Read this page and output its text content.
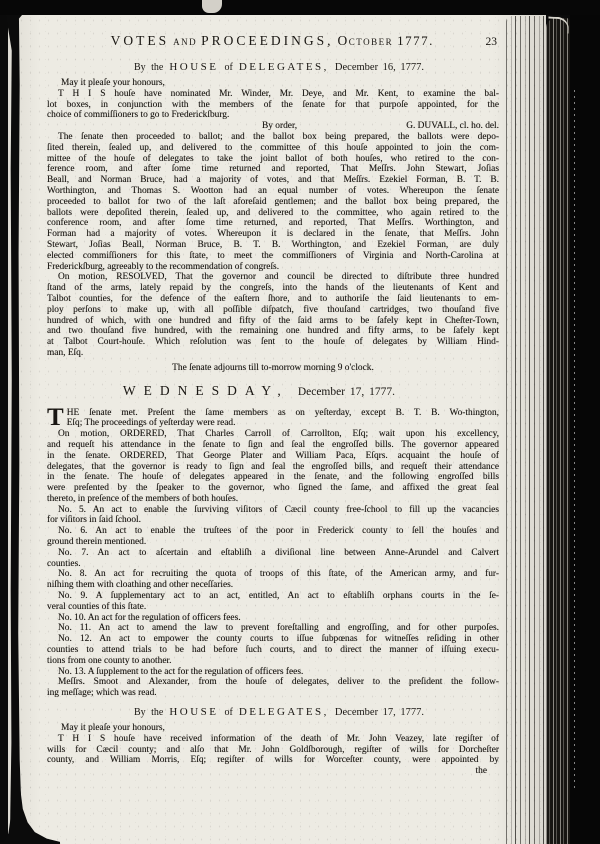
VOTES and PROCEEDINGS, October 1777.	23
By the HOUSE of DELEGATES, December 16, 1777.
May it pleaſe your honours,
T H I S houſe have nominated Mr. Winder, Mr. Deye, and Mr. Kent, to examine the bal-
lot boxes, in conjunction with the members of the ſenate for that purpoſe appointed, for the
choice of commiſſioners to go to Frederickſburg.
By order,	G. DUVALL, cl. ho. del.
The ſenate then proceeded to ballot; and the ballot box being prepared, the ballots were depo-
ſited therein, ſealed up, and delivered to the committee of this houſe appointed to join the com-
mittee of the houſe of delegates to take the joint ballot of both houſes, who retired to the con-
ference room, and after ſome time returned and reported, That Meſſrs. John Stewart, Joſias
Beall, and Norman Bruce, had a majority of votes, and that Meſſrs. Ezekiel Forman, B. T. B.
Worthington, and Thomas S. Wootton had an equal number of votes. Whereupon the ſenate
proceeded to ballot for two of the laſt aforeſaid gentlemen; and the ballot box being prepared, the
ballots were depoſited therein, ſealed up, and delivered to the committee, who again retired to the
conference room, and after ſome time returned, and reported, That Meſſrs. Worthington, and
Forman had a majority of votes. Whereupon it is declared in the ſenate, that Meſſrs. John
Stewart, Joſias Beall, Norman Bruce, B. T. B. Worthington, and Ezekiel Forman, are duly
elected commiſſioners for this ſtate, to meet the commiſſioners of Virginia and North-Carolina at
Frederickſburg, agreeably to the recommendation of congreſs.
On motion, RESOLVED, That the governor and council be directed to diſtribute three hundred
ſtand of the arms, lately repaid by the congreſs, into the hands of the lieutenants of Kent and
Talbot counties, for the defence of the eaſtern ſhore, and to authoriſe the ſaid lieutenants to em-
ploy perſons to make up, with all poſſible diſpatch, five thouſand cartridges, two thouſand five
hundred of which, with one hundred and fifty of the ſaid arms to be ſafely kept in Cheſter-Town,
and two thouſand five hundred, with the remaining one hundred and fifty arms, to be ſafely kept
at Talbot Court-houſe. Which reſolution was ſent to the houſe of delegates by William Hind-
man, Eſq.
The ſenate adjourns till to-morrow morning 9 o'clock.
WEDNESDAY, December 17, 1777.
T HE ſenate met. Preſent the ſame members as on yeſterday, except B. T. B. Wo-thington,
Eſq; The proceedings of yeſterday were read.
On motion, ORDERED, That Charles Carroll of Carrollton, Eſq; wait upon his excellency,
and requeſt his attendance in the ſenate to ſign and ſeal the engroſſed bills. The governor appeared
in the ſenate. ORDERED, That George Plater and William Paca, Eſqrs. acquaint the houſe of
delegates, that the governor is ready to ſign and ſeal the engroſſed bills, and requeſt their attendance
in the ſenate. The houſe of delegates appeared in the ſenate, and the following engroſſed bills
were preſented by the ſpeaker to the governor, who ſigned the ſame, and affixed the great ſeal
thereto, in preſence of the members of both houſes.
No. 5. An act to enable the ſurviving viſitors of Cæcil county free-ſchool to fill up the vacancies
for viſitors in ſaid ſchool.
No. 6. An act to enable the truſtees of the poor in Frederick county to ſell the houſes and
ground therein mentioned.
No. 7. An act to aſcertain and eſtabliſh a diviſional line between Anne-Arundel and Calvert
counties.
No. 8. An act for recruiting the quota of troops of this ſtate, of the American army, and fur-
niſhing them with cloathing and other neceſſaries.
No. 9. A ſupplementary act to an act, entitled, An act to eſtabliſh orphans courts in the ſe-
veral counties of this ſtate.
No. 10. An act for the regulation of officers fees.
No. 11. An act to amend the law to prevent foreſtalling and engroſſing, and for other purpoſes.
No. 12. An act to empower the county courts to iſſue ſubpœnas for witneſſes reſiding in other
counties to attend trials to be had before ſuch courts, and to direct the manner of iſſuing execu-
tions from one county to another.
No. 13. A ſupplement to the act for the regulation of officers fees.
Meſſrs. Smoot and Alexander, from the houſe of delegates, deliver to the preſident the follow-
ing meſſage; which was read.
By the HOUSE of DELEGATES, December 17, 1777.
May it pleaſe your honours,
T H I S houſe have received information of the death of Mr. John Veazey, late regiſter of
wills for Cæcil county; and alſo that Mr. John Goldſborough, regiſter of wills for Dorcheſter
county, and William Morris, Eſq; regiſter of wills for Worceſter county, were appointed by
the
